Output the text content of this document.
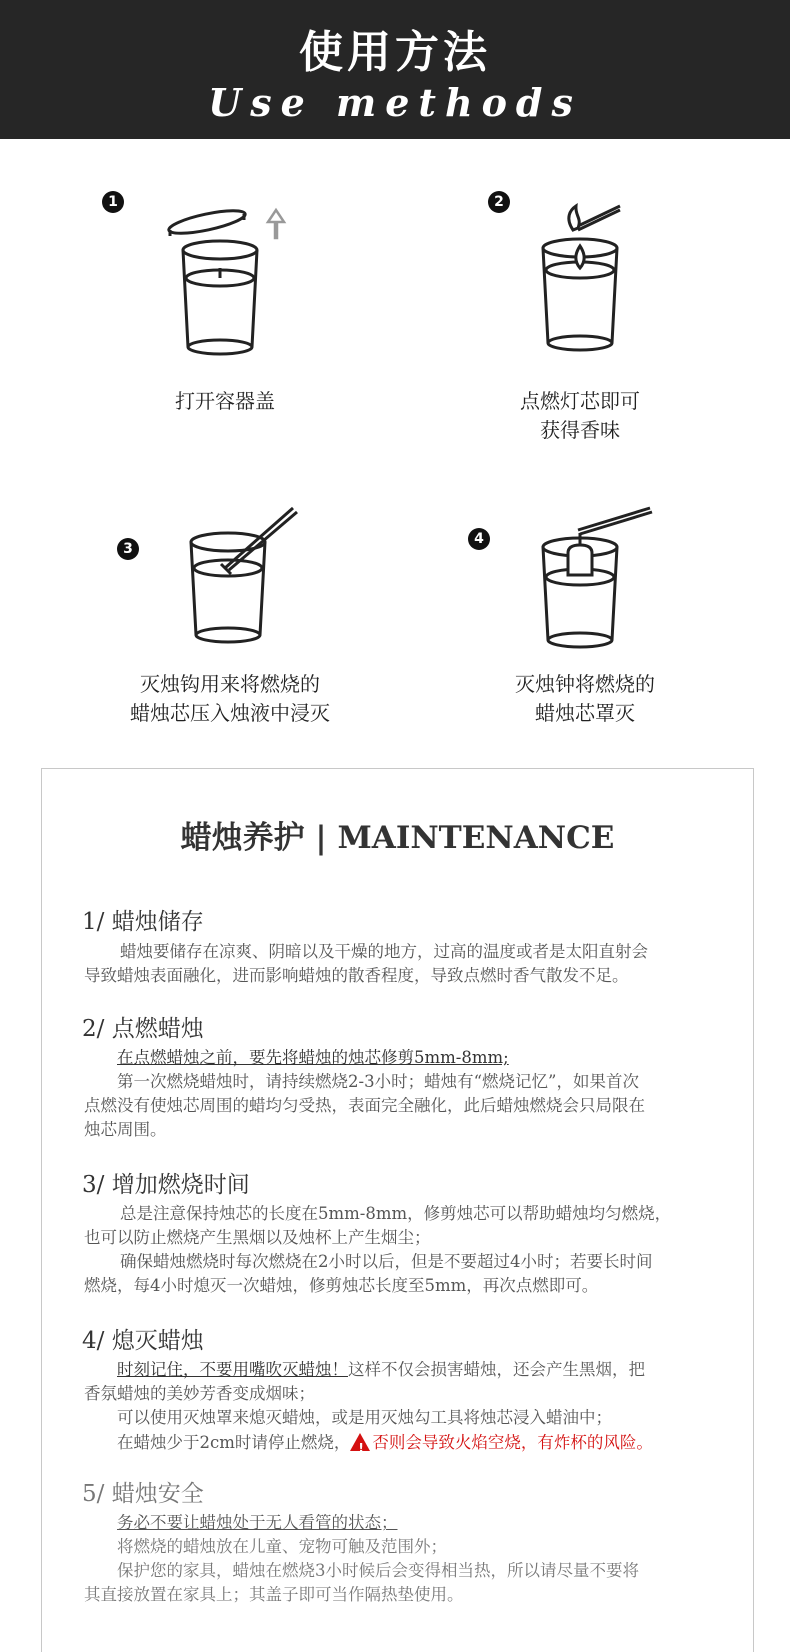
使用方法
Use methods
1
打开容器盖
2
点燃灯芯即可
获得香味
3
灭烛钩用来将燃烧的
蜡烛芯压入烛液中浸灭
4
灭烛钟将燃烧的
蜡烛芯罩灭
蜡烛养护 | MAINTENANCE
1/ 蜡烛储存
蜡烛要储存在凉爽、阴暗以及干燥的地方，过高的温度或者是太阳直射会
导致蜡烛表面融化，进而影响蜡烛的散香程度，导致点燃时香气散发不足。
2/ 点燃蜡烛
在点燃蜡烛之前，要先将蜡烛的烛芯修剪5mm-8mm;
第一次燃烧蜡烛时，请持续燃烧2-3小时；蜡烛有“燃烧记忆”，如果首次
点燃没有使烛芯周围的蜡均匀受热，表面完全融化，此后蜡烛燃烧会只局限在
烛芯周围。
3/ 增加燃烧时间
总是注意保持烛芯的长度在5mm-8mm，修剪烛芯可以帮助蜡烛均匀燃烧，
也可以防止燃烧产生黑烟以及烛杯上产生烟尘；
确保蜡烛燃烧时每次燃烧在2小时以后，但是不要超过4小时；若要长时间
燃烧，每4小时熄灭一次蜡烛，修剪烛芯长度至5mm，再次点燃即可。
4/ 熄灭蜡烛
时刻记住，不要用嘴吹灭蜡烛！这样不仅会损害蜡烛，还会产生黑烟，把
香氛蜡烛的美妙芳香变成烟味；
可以使用灭烛罩来熄灭蜡烛，或是用灭烛勾工具将烛芯浸入蜡油中；
在蜡烛少于2cm时请停止燃烧， ! 否则会导致火焰空烧，有炸杯的风险。
5/ 蜡烛安全
务必不要让蜡烛处于无人看管的状态；
将燃烧的蜡烛放在儿童、宠物可触及范围外；
保护您的家具，蜡烛在燃烧3小时候后会变得相当热，所以请尽量不要将
其直接放置在家具上；其盖子即可当作隔热垫使用。
